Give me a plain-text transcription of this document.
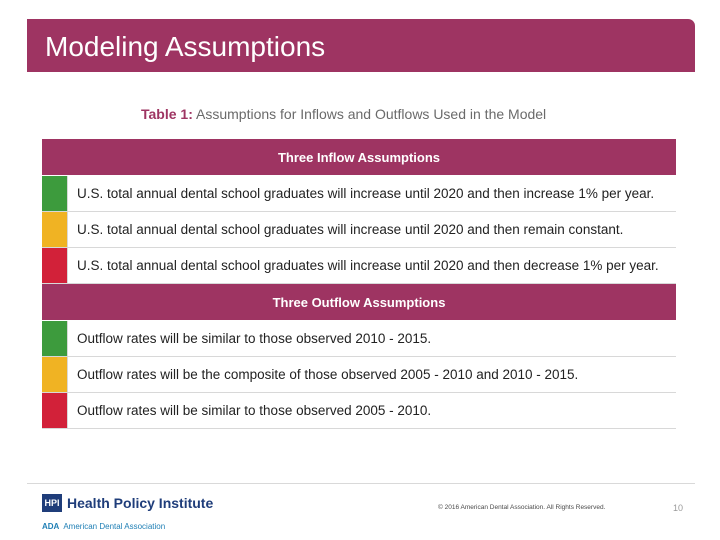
Modeling Assumptions
Table 1: Assumptions for Inflows and Outflows Used in the Model
Three Inflow Assumptions
U.S. total annual dental school graduates will increase until 2020 and then increase 1% per year.
U.S. total annual dental school graduates will increase until 2020 and then remain constant.
U.S. total annual dental school graduates will increase until 2020 and then decrease 1% per year.
Three Outflow Assumptions
Outflow rates will be similar to those observed 2010 - 2015.
Outflow rates will be the composite of those observed 2005 - 2010 and 2010 - 2015.
Outflow rates will be similar to those observed 2005 - 2010.
HPI Health Policy Institute
ADA American Dental Association
© 2016 American Dental Association. All Rights Reserved.	10
